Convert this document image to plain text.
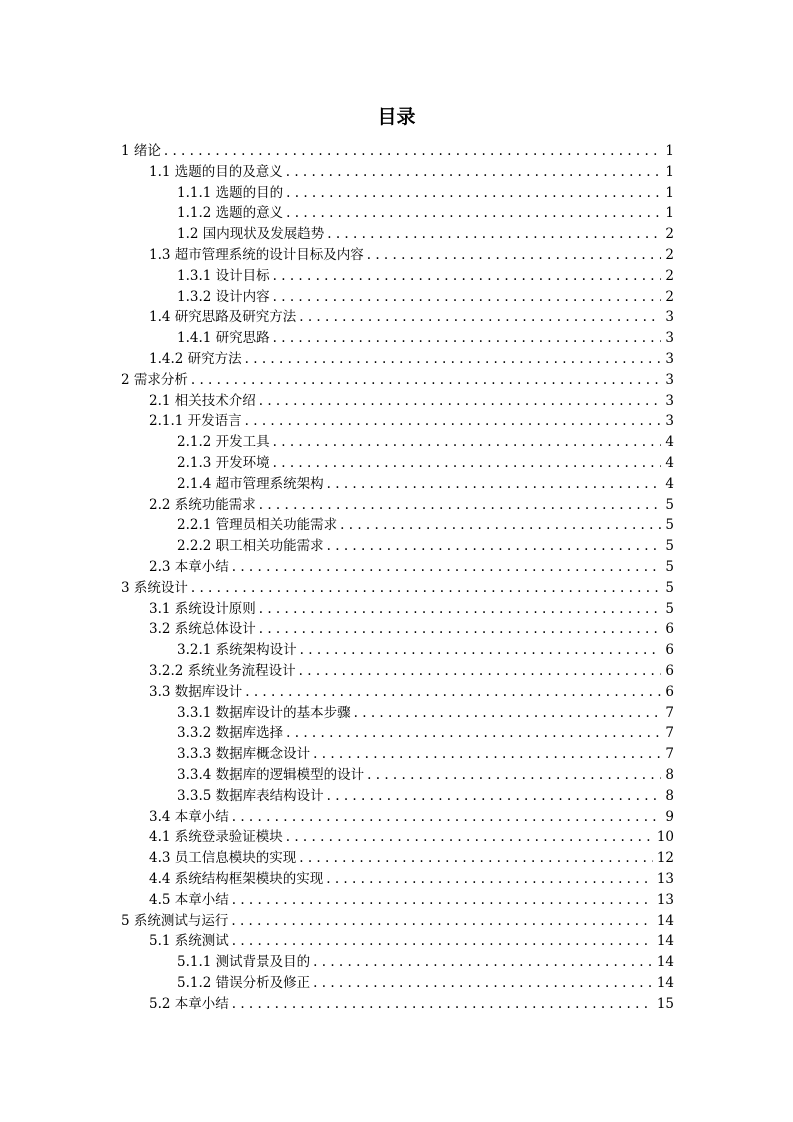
目录
1 绪论 . . .	1
1.1 选题的目的及意义 . . .	1
1.1.1 选题的目的 . . .	1
1.1.2 选题的意义 . . .	1
1.2 国内现状及发展趋势 . . .	2
1.3 超市管理系统的设计目标及内容 . . .	2
1.3.1 设计目标 . . .	2
1.3.2 设计内容 . . .	2
1.4 研究思路及研究方法 . . .	3
1.4.1 研究思路 . . .	3
1.4.2 研究方法 . . .	3
2 需求分析 . . .	3
2.1 相关技术介绍 . . .	3
2.1.1 开发语言 . . .	3
2.1.2 开发工具 . . .	4
2.1.3 开发环境 . . .	4
2.1.4 超市管理系统架构 . . .	4
2.2 系统功能需求 . . .	5
2.2.1 管理员相关功能需求 . . .	5
2.2.2 职工相关功能需求 . . .	5
2.3 本章小结 . . .	5
3 系统设计 . . .	5
3.1 系统设计原则 . . .	5
3.2 系统总体设计 . . .	6
3.2.1 系统架构设计 . . .	6
3.2.2 系统业务流程设计 . . .	6
3.3 数据库设计 . . .	6
3.3.1 数据库设计的基本步骤 . . .	7
3.3.2 数据库选择 . . .	7
3.3.3 数据库概念设计 . . .	7
3.3.4 数据库的逻辑模型的设计 . . .	8
3.3.5 数据库表结构设计 . . .	8
3.4 本章小结 . . .	9
4.1 系统登录验证模块 . . .	10
4.3 员工信息模块的实现 . . .	12
4.4 系统结构框架模块的实现 . . .	13
4.5 本章小结 . . .	13
5 系统测试与运行 . . .	14
5.1 系统测试 . . .	14
5.1.1 测试背景及目的 . . .	14
5.1.2 错误分析及修正 . . .	14
5.2 本章小结 . . .	15
